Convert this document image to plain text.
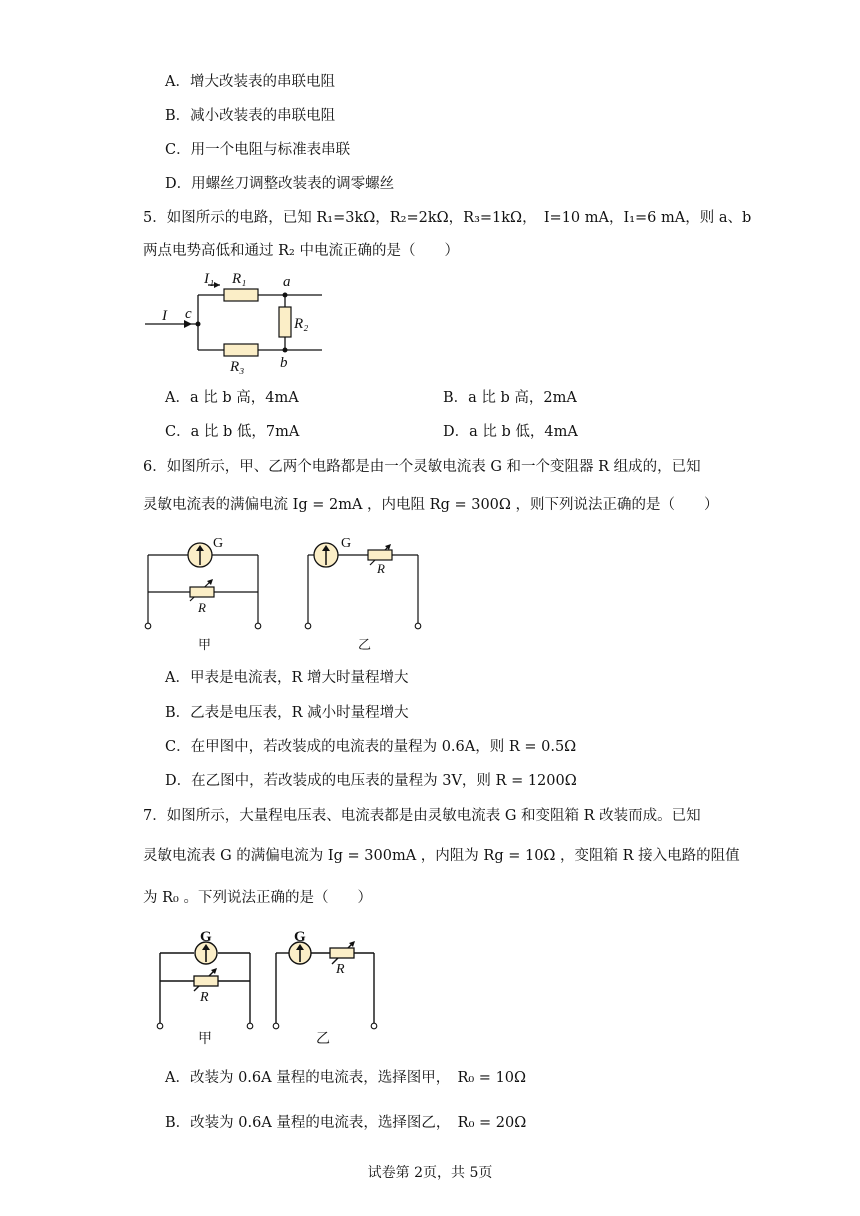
A．增大改装表的串联电阻
B．减小改装表的串联电阻
C．用一个电阻与标准表串联
D．用螺丝刀调整改装表的调零螺丝
5．如图所示的电路，已知 R₁=3kΩ，R₂=2kΩ，R₃=1kΩ，　I=10 mA，I₁=6 mA，则 a、b
两点电势高低和通过 R₂ 中电流正确的是（　　）
I c
I₁ R₁ a
R₂
b
R₃
A．a 比 b 高，4mA	B．a 比 b 高，2mA
C．a 比 b 低，7mA	D．a 比 b 低，4mA
6．如图所示，甲、乙两个电路都是由一个灵敏电流表 G 和一个变阻器 R 组成的，已知
灵敏电流表的满偏电流 Ig = 2mA ，内电阻 Rg = 300Ω ，则下列说法正确的是（　　）
G
R
甲
G
R
乙
A．甲表是电流表，R 增大时量程增大
B．乙表是电压表，R 减小时量程增大
C．在甲图中，若改装成的电流表的量程为 0.6A，则 R = 0.5Ω
D．在乙图中，若改装成的电压表的量程为 3V，则 R = 1200Ω
7．如图所示，大量程电压表、电流表都是由灵敏电流表 G 和变阻箱 R 改装而成。已知
灵敏电流表 G 的满偏电流为 Ig = 300mA ，内阻为 Rg = 10Ω ，变阻箱 R 接入电路的阻值
为 R₀ 。下列说法正确的是（　　）
G
R
甲
G
R
乙
A．改装为 0.6A 量程的电流表，选择图甲，　R₀ = 10Ω
B．改装为 0.6A 量程的电流表，选择图乙，　R₀ = 20Ω
试卷第 2页，共 5页
